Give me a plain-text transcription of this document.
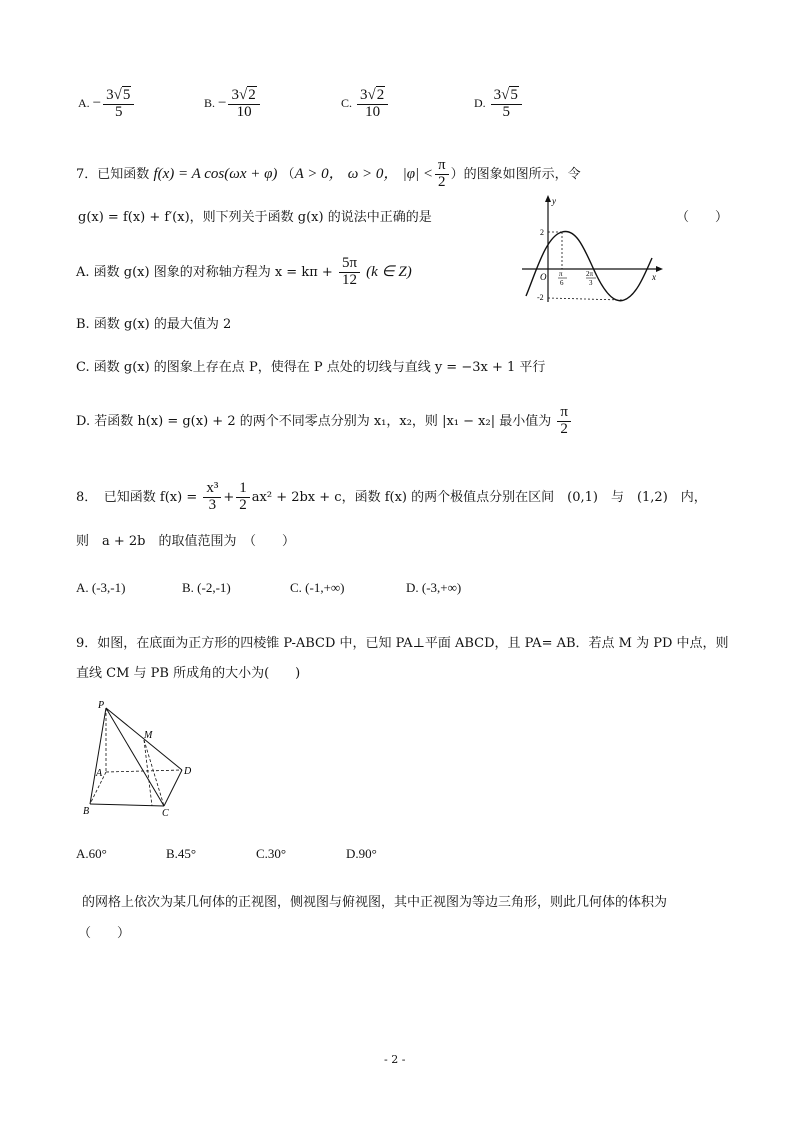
A. − $\frac{3√5}{5}$	B. − $\frac{3√2}{10}$	C. $\frac{3√2}{10}$	D. $\frac{3√5}{5}$
7．已知函数 f(x) = A cos(ωx + φ) （A > 0， ω > 0， $|\varphi| < \frac{\pi}{2}$ ）的图象如图所示，令
g(x) = f(x) + f′(x)，则下列关于函数 g(x) 的说法中正确的是	（　　）
y
x
O
2
-2
π
6
2π
3
A. 函数 g(x) 图象的对称轴方程为 $x = k\pi + \frac{5\pi}{12} (k$ ∈ Z)
B. 函数 g(x) 的最大值为 2
C. 函数 g(x) 的图象上存在点 P，使得在 P 点处的切线与直线 y = −3x + 1 平行
D. 若函数 h(x) = g(x) + 2 的两个不同零点分别为 x₁，x₂，则 |x₁ − x₂| 最小值为 $\frac{\pi}{2}$
8．　已知函数 $f(x) = \frac{\text{x³}}{3} + \frac{1}{2} ax^2 + 2bx + c$，函数 f(x) 的两个极值点分别在区间　(0,1)　与　(1,2)　内，
则　a + 2b　的取值范围为　（　　）
A. (-3,-1)	B. (-2,-1)	C. (-1,+∞)	D. (-3,+∞)
9．如图，在底面为正方形的四棱锥 P-ABCD 中，已知 PA⊥平面 ABCD，且 PA= AB．若点 M 为 PD 中点，则
直线 CM 与 PB 所成角的大小为(　　)
P
M
A
B	C
D
A.60°	B.45°	C.30°	D.90°
的网格上依次为某几何体的正视图，侧视图与俯视图，其中正视图为等边三角形，则此几何体的体积为
（　　）
- 2 -
